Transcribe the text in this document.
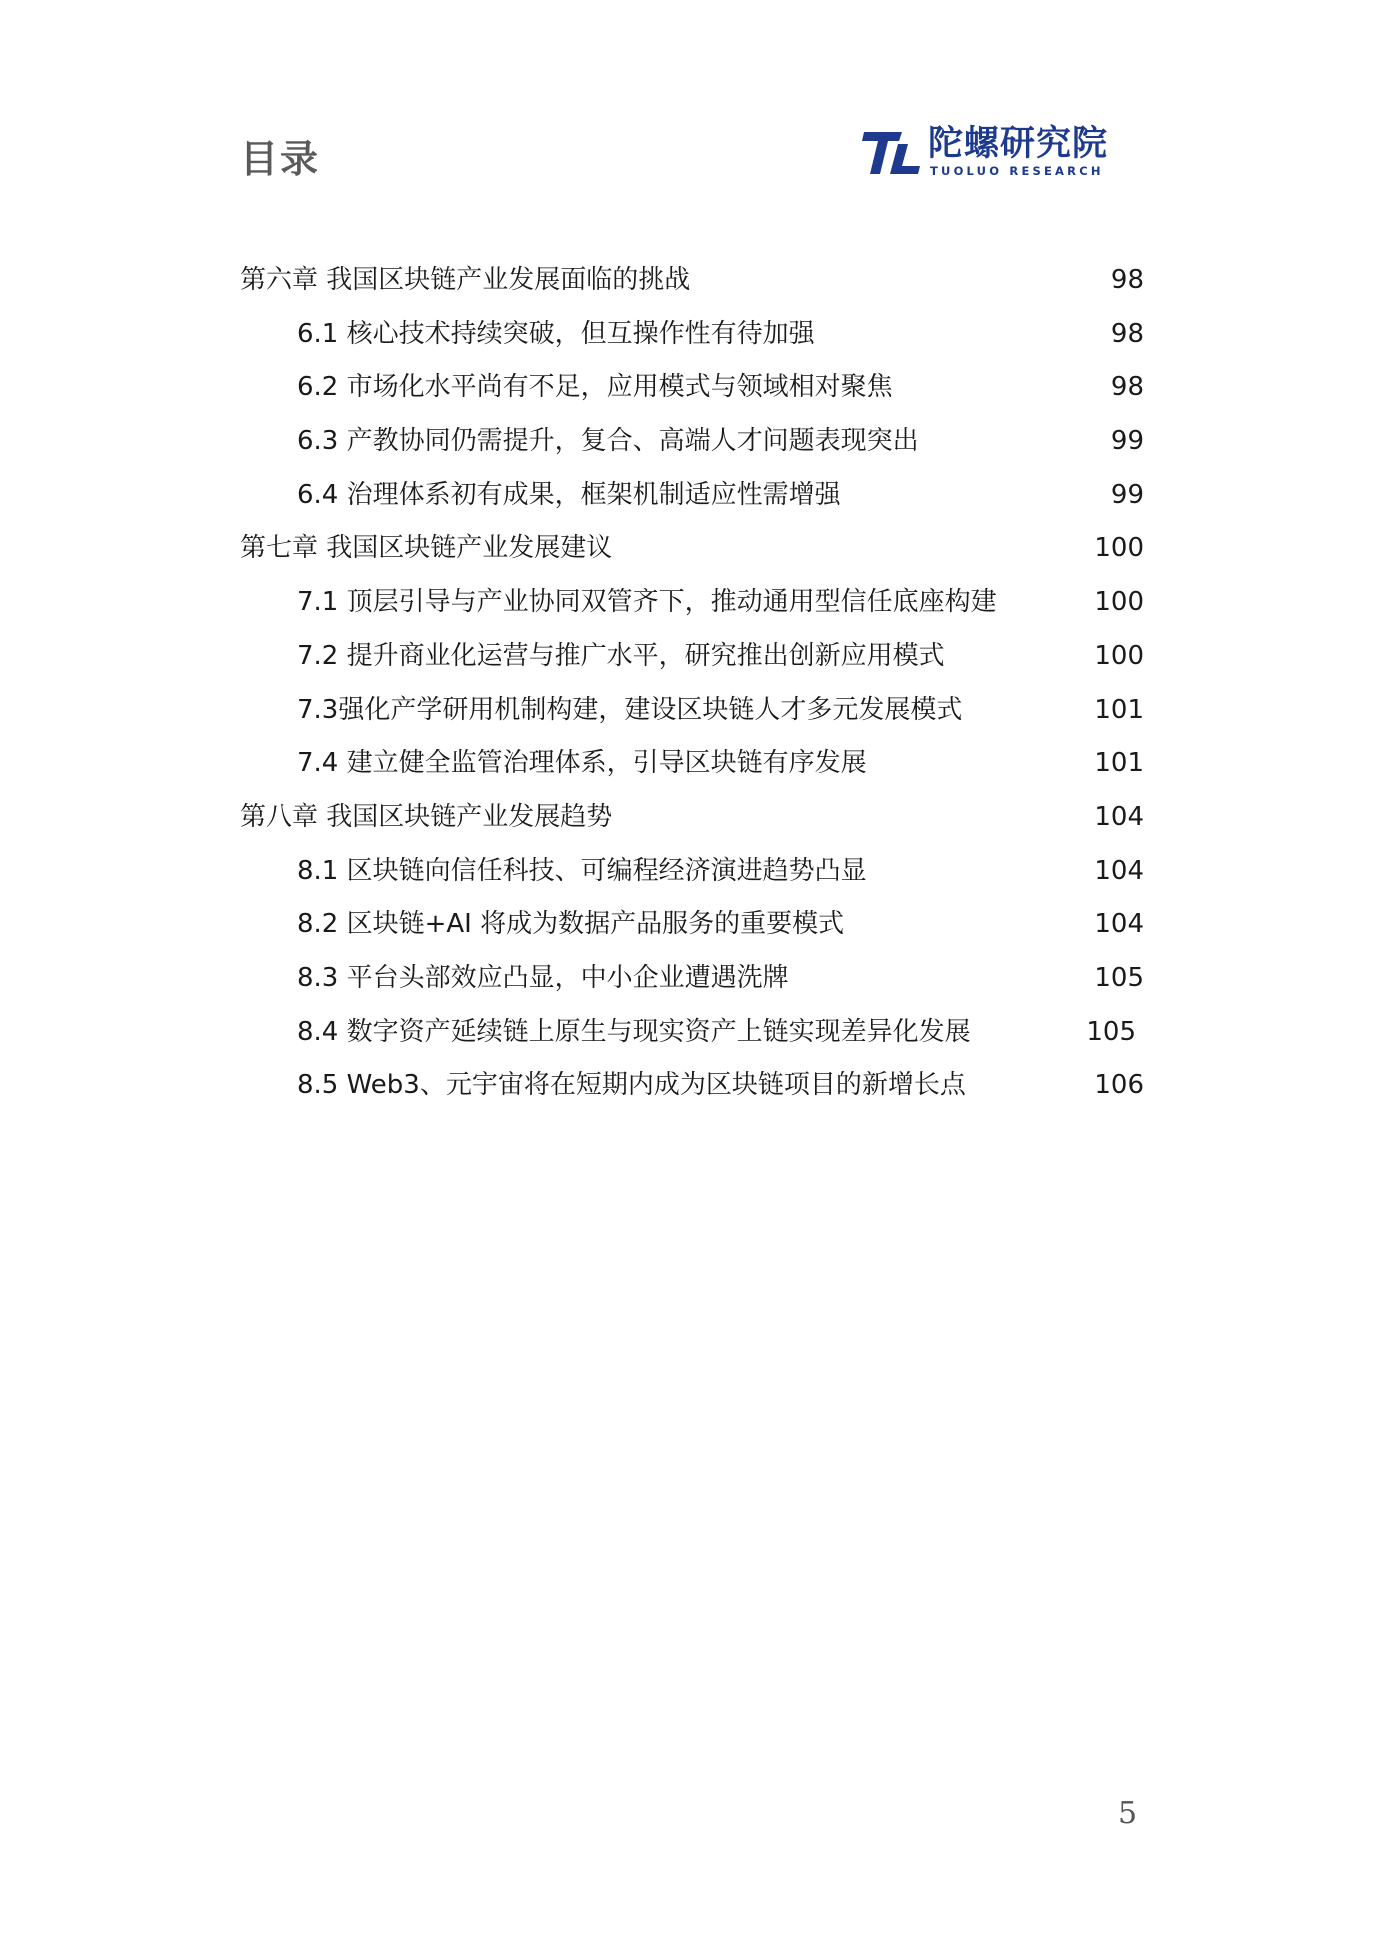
目录	陀螺研究院
TUOLUO RESEARCH
第六章 我国区块链产业发展面临的挑战	98
6.1 核心技术持续突破，但互操作性有待加强	98
6.2 市场化水平尚有不足，应用模式与领域相对聚焦	98
6.3 产教协同仍需提升，复合、高端人才问题表现突出	99
6.4 治理体系初有成果，框架机制适应性需增强	99
第七章 我国区块链产业发展建议	100
7.1 顶层引导与产业协同双管齐下，推动通用型信任底座构建	100
7.2 提升商业化运营与推广水平，研究推出创新应用模式	100
7.3强化产学研用机制构建，建设区块链人才多元发展模式	101
7.4 建立健全监管治理体系，引导区块链有序发展	101
第八章 我国区块链产业发展趋势	104
8.1 区块链向信任科技、可编程经济演进趋势凸显	104
8.2 区块链+AI 将成为数据产品服务的重要模式	104
8.3 平台头部效应凸显，中小企业遭遇洗牌	105
8.4 数字资产延续链上原生与现实资产上链实现差异化发展	105
8.5 Web3、元宇宙将在短期内成为区块链项目的新增长点	106
5
